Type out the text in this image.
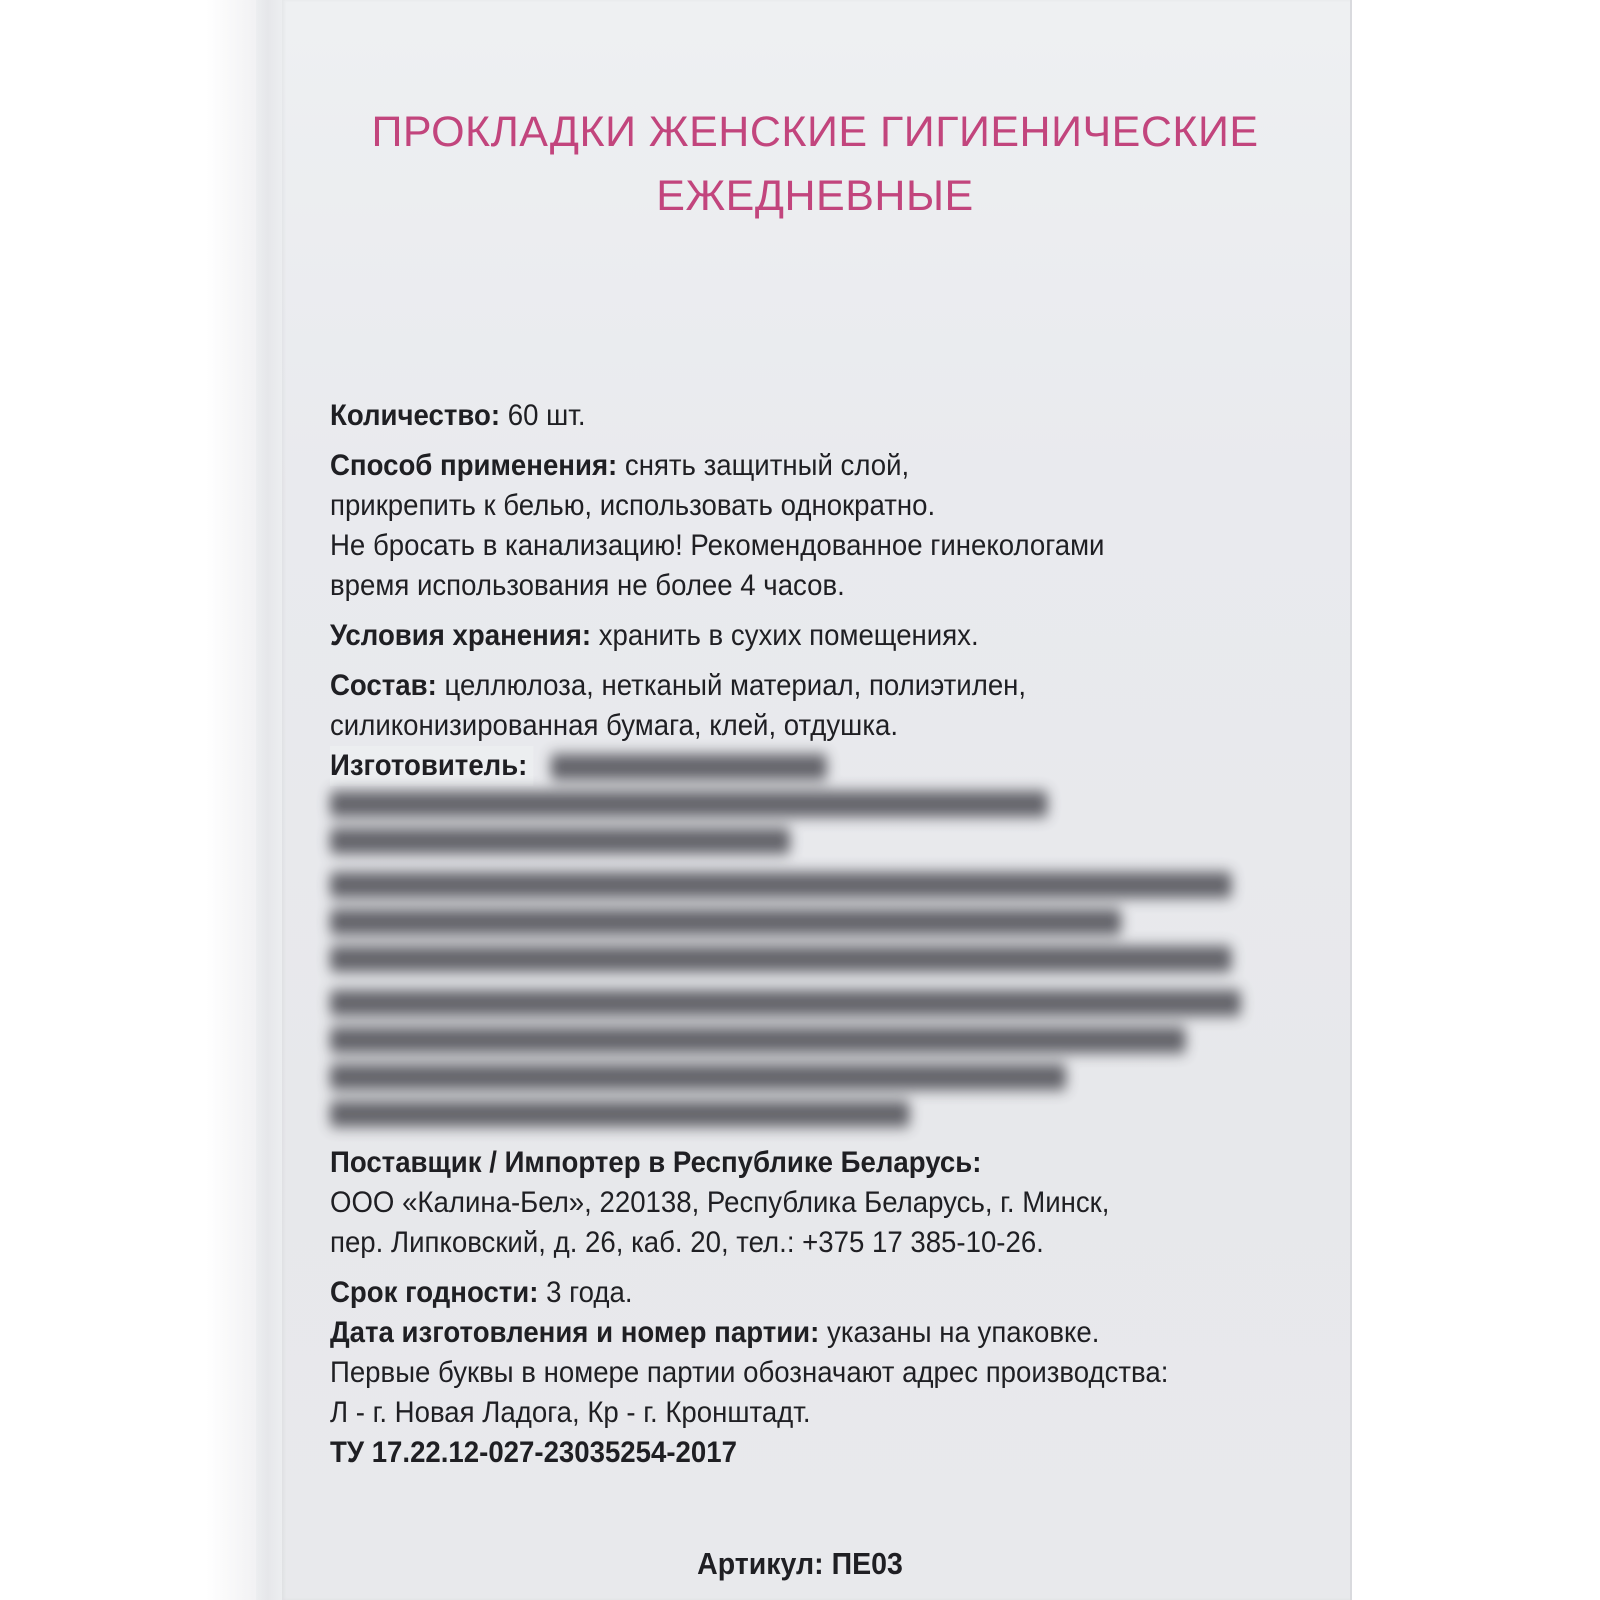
ПРОКЛАДКИ ЖЕНСКИЕ ГИГИЕНИЧЕСКИЕ
ЕЖЕДНЕВНЫЕ

Количество: 60 шт.

Способ применения: снять защитный слой,
прикрепить к белью, использовать однократно.
Не бросать в канализацию! Рекомендованное гинекологами
время использования не более 4 часов.

Условия хранения: хранить в сухих помещениях.

Состав: целлюлоза, нетканый материал, полиэтилен,
силиконизированная бумага, клей, отдушка.

Изготовитель:

Поставщик / Импортер в Республике Беларусь:
ООО «Калина-Бел», 220138, Республика Беларусь, г. Минск,
пер. Липковский, д. 26, каб. 20, тел.: +375 17 385-10-26.

Срок годности: 3 года.

Дата изготовления и номер партии: указаны на упаковке.
Первые буквы в номере партии обозначают адрес производства:
Л - г. Новая Ладога, Кр - г. Кронштадт.

ТУ 17.22.12-027-23035254-2017

Артикул: ПЕ03
